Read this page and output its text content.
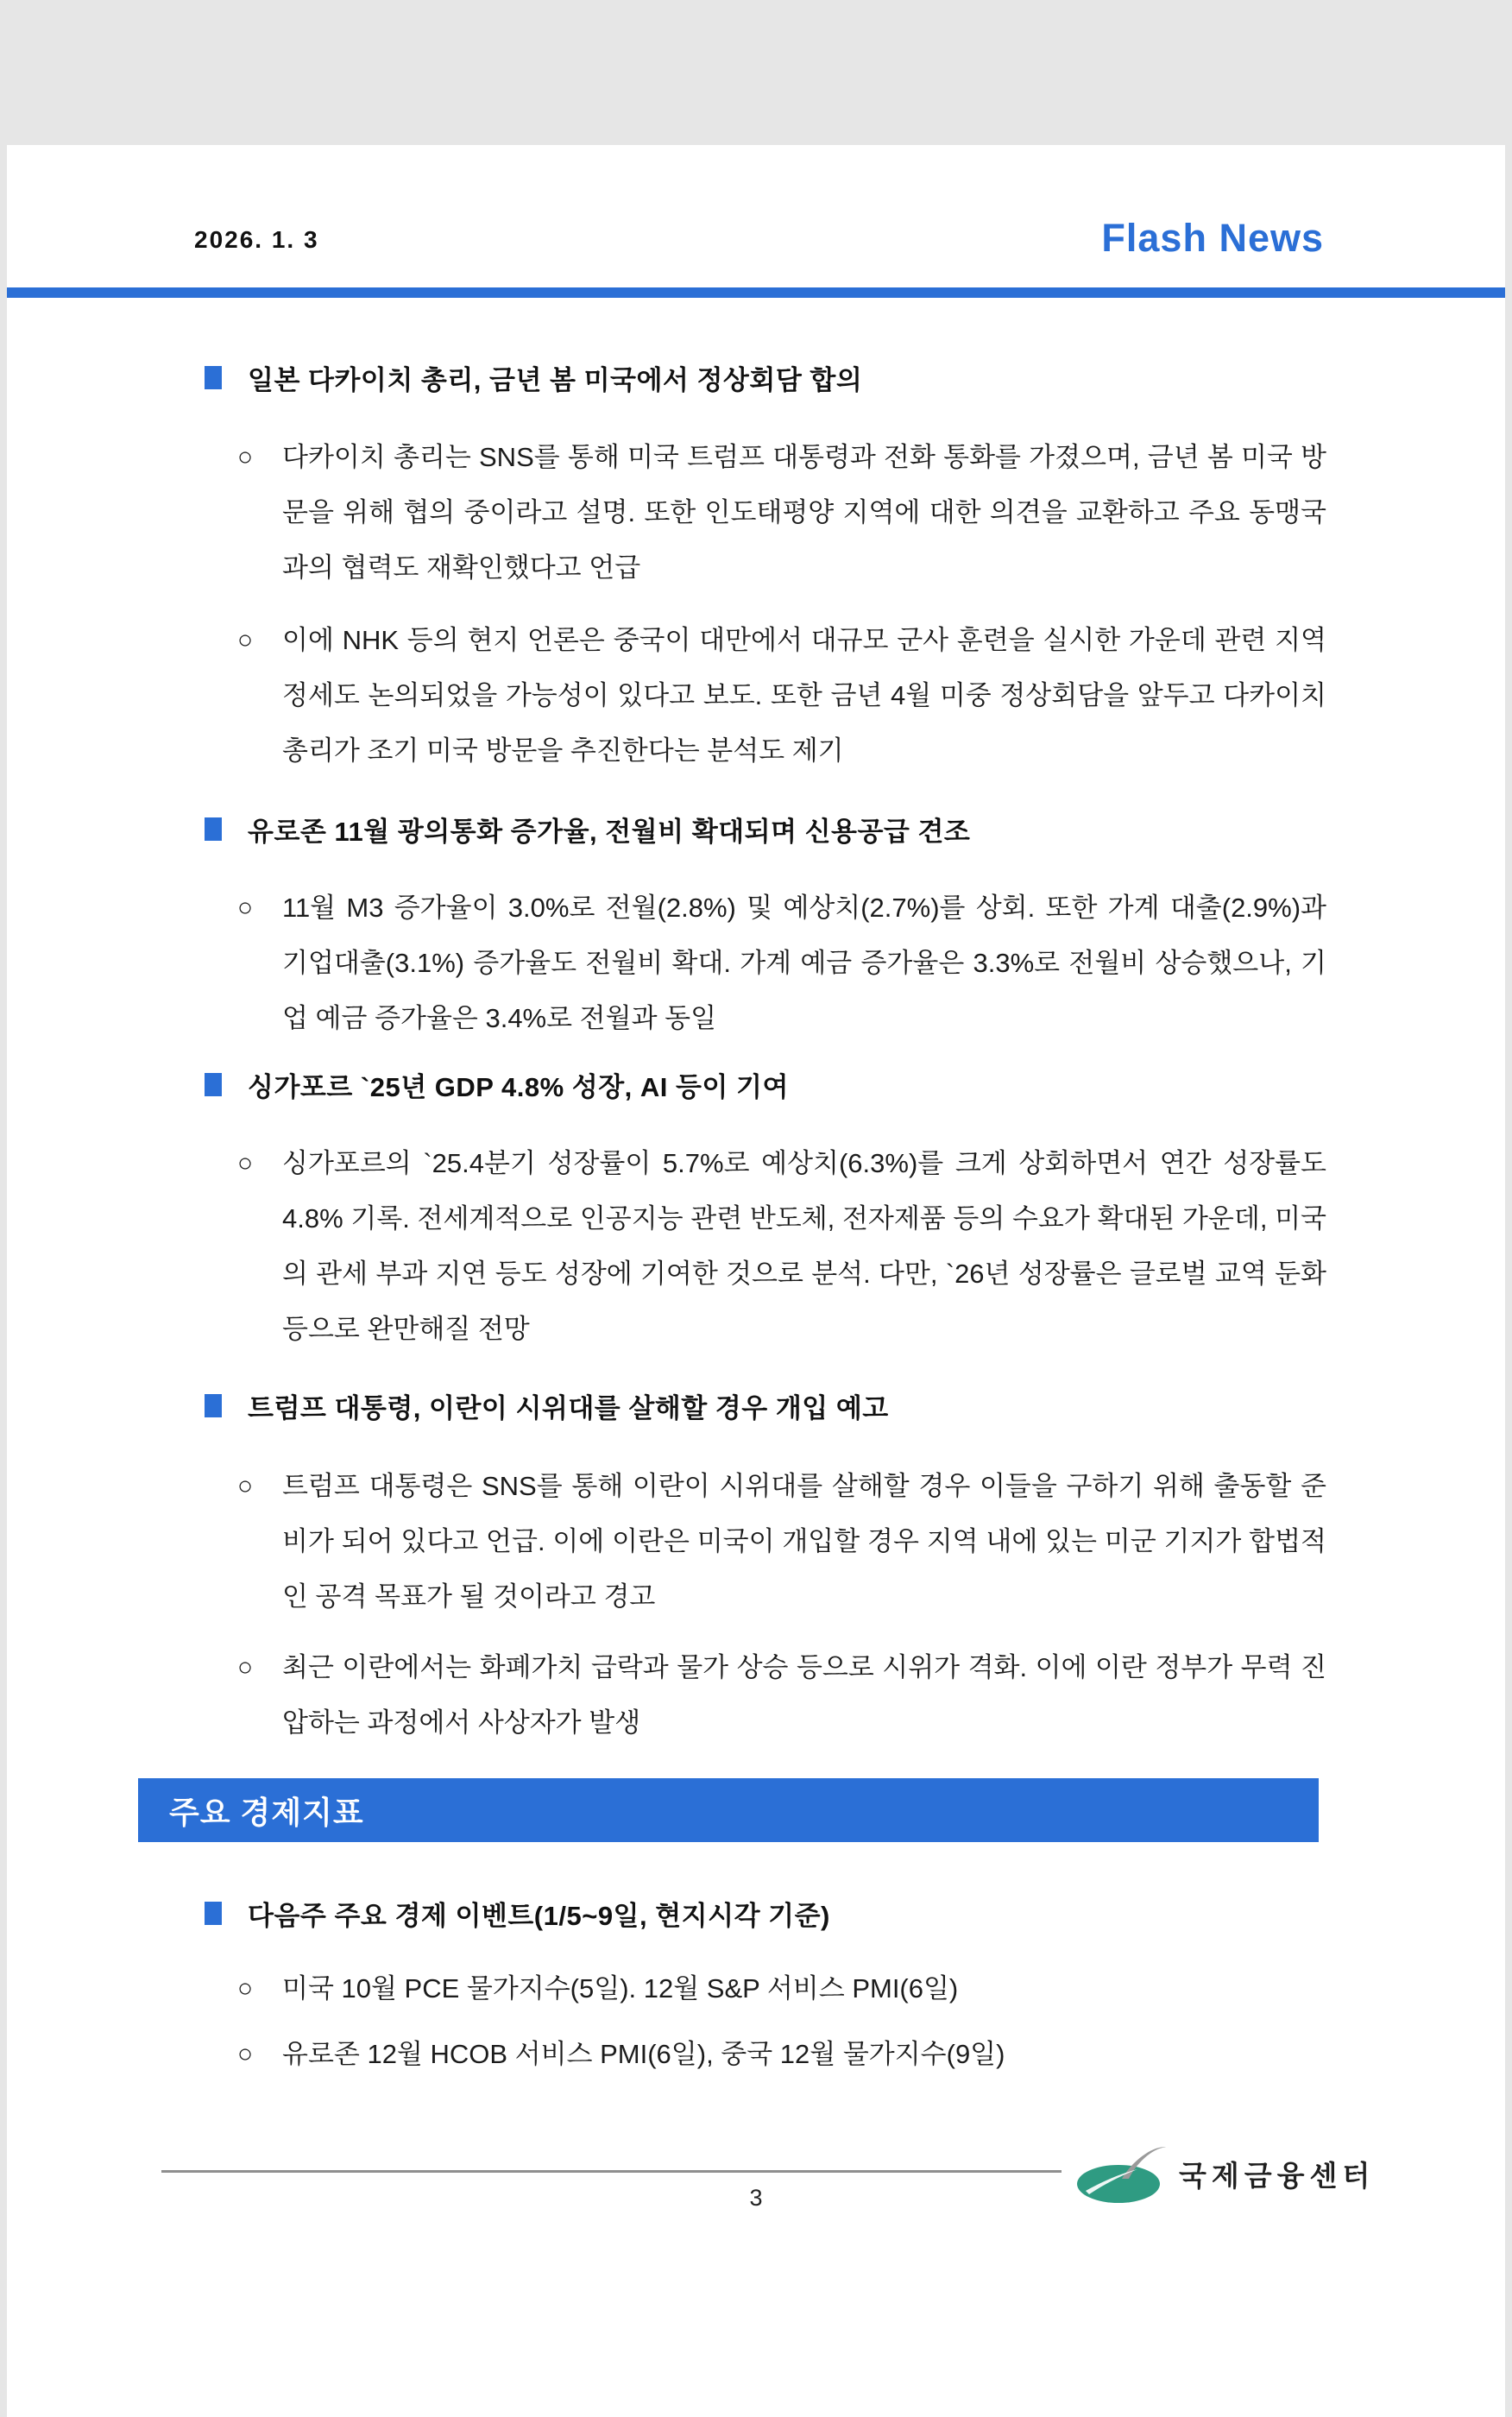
2026. 1. 3	Flash News
일본 다카이치 총리, 금년 봄 미국에서 정상회담 합의
○ 다카이치 총리는 SNS를 통해 미국 트럼프 대통령과 전화 통화를 가졌으며, 금년 봄 미국 방문을 위해 협의 중이라고 설명. 또한 인도태평양 지역에 대한 의견을 교환하고 주요 동맹국과의 협력도 재확인했다고 언급
○ 이에 NHK 등의 현지 언론은 중국이 대만에서 대규모 군사 훈련을 실시한 가운데 관련 지역 정세도 논의되었을 가능성이 있다고 보도. 또한 금년 4월 미중 정상회담을 앞두고 다카이치 총리가 조기 미국 방문을 추진한다는 분석도 제기
유로존 11월 광의통화 증가율, 전월비 확대되며 신용공급 견조
○ 11월 M3 증가율이 3.0%로 전월(2.8%) 및 예상치(2.7%)를 상회. 또한 가계 대출(2.9%)과 기업대출(3.1%) 증가율도 전월비 확대. 가계 예금 증가율은 3.3%로 전월비 상승했으나, 기업 예금 증가율은 3.4%로 전월과 동일
싱가포르 `25년 GDP 4.8% 성장, AI 등이 기여
○ 싱가포르의 `25.4분기 성장률이 5.7%로 예상치(6.3%)를 크게 상회하면서 연간 성장률도 4.8% 기록. 전세계적으로 인공지능 관련 반도체, 전자제품 등의 수요가 확대된 가운데, 미국의 관세 부과 지연 등도 성장에 기여한 것으로 분석. 다만, `26년 성장률은 글로벌 교역 둔화 등으로 완만해질 전망
트럼프 대통령, 이란이 시위대를 살해할 경우 개입 예고
○ 트럼프 대통령은 SNS를 통해 이란이 시위대를 살해할 경우 이들을 구하기 위해 출동할 준비가 되어 있다고 언급. 이에 이란은 미국이 개입할 경우 지역 내에 있는 미군 기지가 합법적인 공격 목표가 될 것이라고 경고
○ 최근 이란에서는 화폐가치 급락과 물가 상승 등으로 시위가 격화. 이에 이란 정부가 무력 진압하는 과정에서 사상자가 발생
주요 경제지표
다음주 주요 경제 이벤트(1/5~9일, 현지시각 기준)
○ 미국 10월 PCE 물가지수(5일). 12월 S&P 서비스 PMI(6일)
○ 유로존 12월 HCOB 서비스 PMI(6일), 중국 12월 물가지수(9일)
국제금융센터
3
